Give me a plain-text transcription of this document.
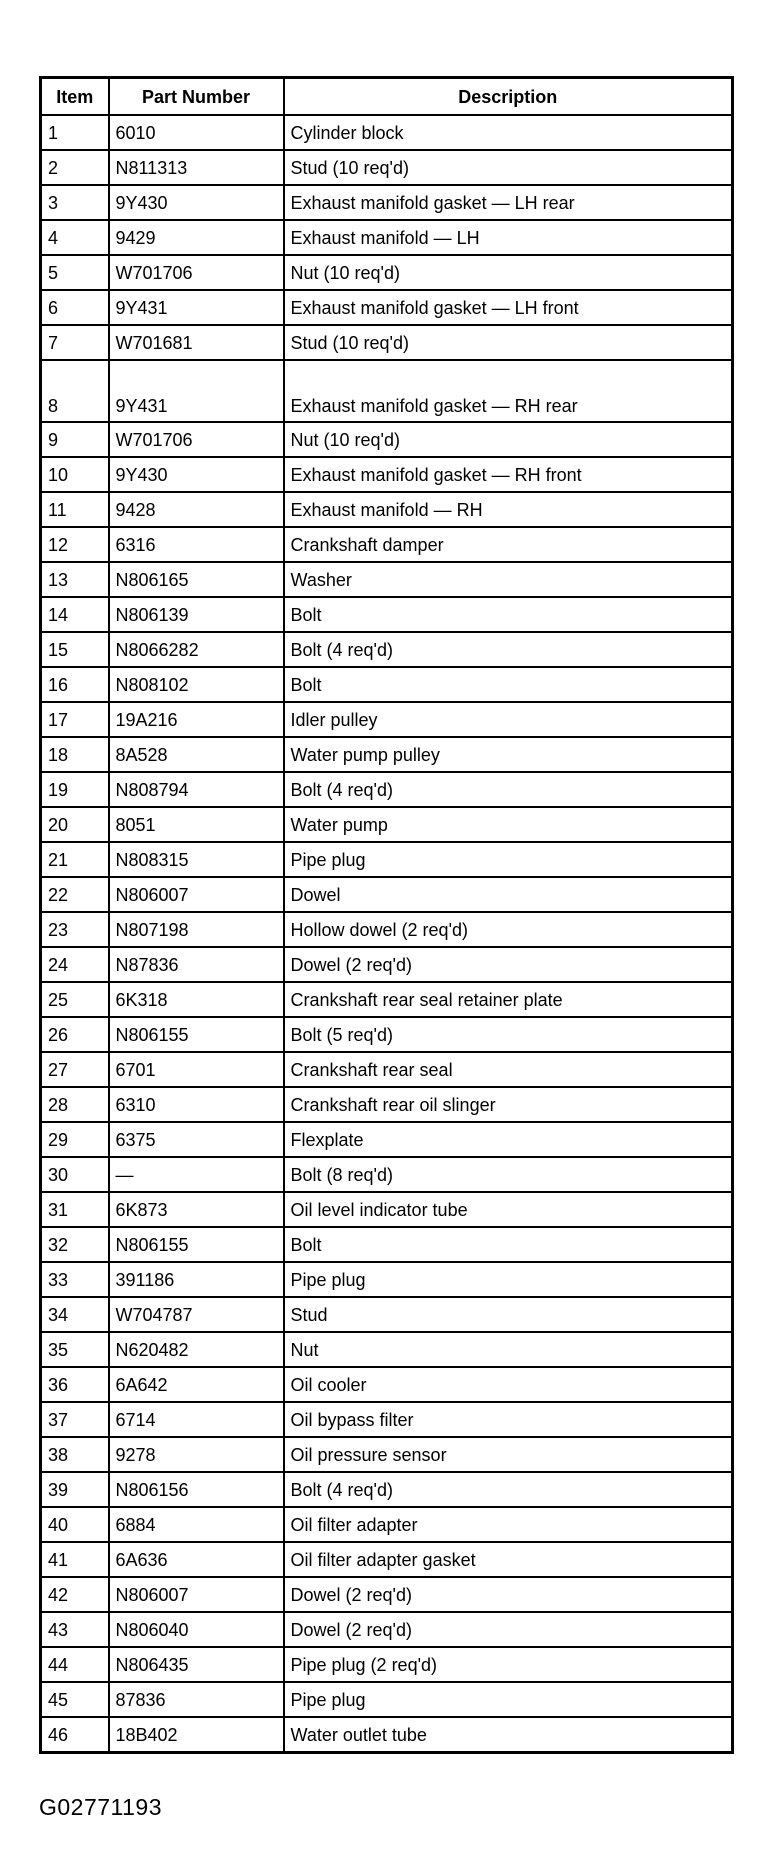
Item	Part Number	Description
1	6010	Cylinder block
2	N811313	Stud (10 req'd)
3	9Y430	Exhaust manifold gasket — LH rear
4	9429	Exhaust manifold — LH
5	W701706	Nut (10 req'd)
6	9Y431	Exhaust manifold gasket — LH front
7	W701681	Stud (10 req'd)
8	9Y431	Exhaust manifold gasket — RH rear
9	W701706	Nut (10 req'd)
10	9Y430	Exhaust manifold gasket — RH front
11	9428	Exhaust manifold — RH
12	6316	Crankshaft damper
13	N806165	Washer
14	N806139	Bolt
15	N8066282	Bolt (4 req'd)
16	N808102	Bolt
17	19A216	Idler pulley
18	8A528	Water pump pulley
19	N808794	Bolt (4 req'd)
20	8051	Water pump
21	N808315	Pipe plug
22	N806007	Dowel
23	N807198	Hollow dowel (2 req'd)
24	N87836	Dowel (2 req'd)
25	6K318	Crankshaft rear seal retainer plate
26	N806155	Bolt (5 req'd)
27	6701	Crankshaft rear seal
28	6310	Crankshaft rear oil slinger
29	6375	Flexplate
30	—	Bolt (8 req'd)
31	6K873	Oil level indicator tube
32	N806155	Bolt
33	391186	Pipe plug
34	W704787	Stud
35	N620482	Nut
36	6A642	Oil cooler
37	6714	Oil bypass filter
38	9278	Oil pressure sensor
39	N806156	Bolt (4 req'd)
40	6884	Oil filter adapter
41	6A636	Oil filter adapter gasket
42	N806007	Dowel (2 req'd)
43	N806040	Dowel (2 req'd)
44	N806435	Pipe plug (2 req'd)
45	87836	Pipe plug
46	18B402	Water outlet tube
G02771193
